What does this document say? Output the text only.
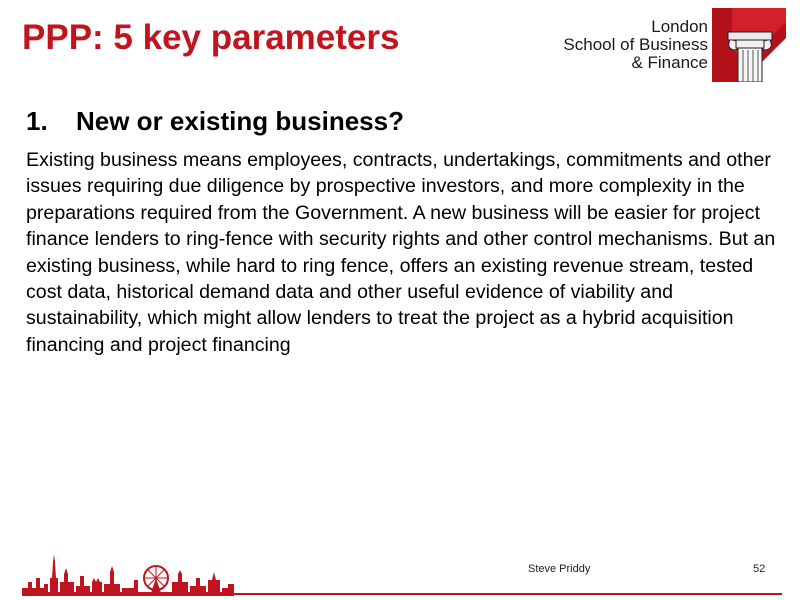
PPP: 5 key parameters	London
School of Business
& Finance
1. New or existing business?

Existing business means employees, contracts, undertakings, commitments and other issues requiring due diligence by prospective investors, and more complexity in the preparations required from the Government. A new business will be easier for project finance lenders to ring-fence with security rights and other control mechanisms. But an existing business, while hard to ring fence, offers an existing revenue stream, tested cost data, historical demand data and other useful evidence of viability and sustainability, which might allow lenders to treat the project as a hybrid acquisition financing and project financing

Steve Priddy	52
